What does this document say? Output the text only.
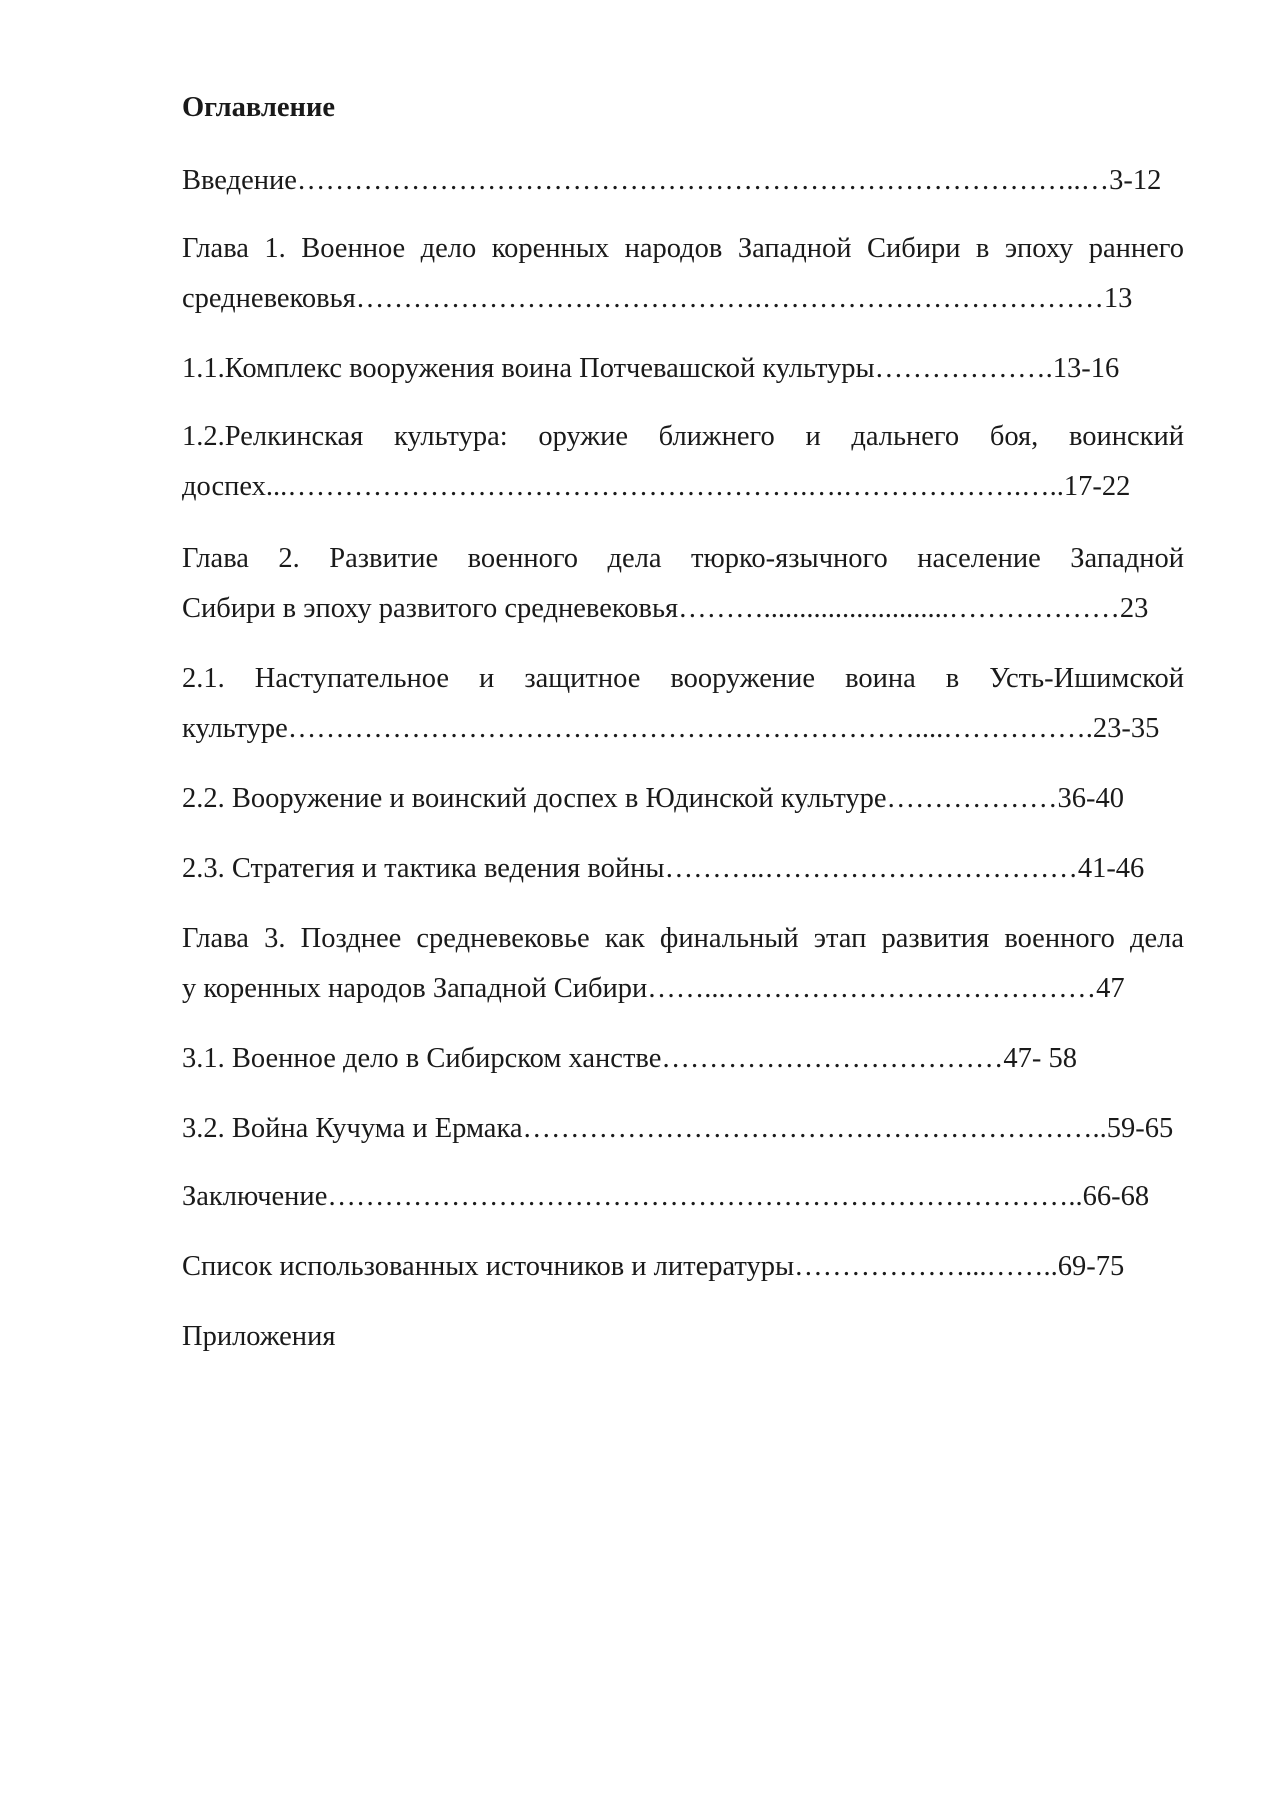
Оглавление
Введение………………………………………………………………………..…3-12
Глава 1. Военное дело коренных народов Западной Сибири в эпоху раннего
средневековья…………………………………….………………………………13
1.1.Комплекс вооружения воина Потчевашской культуры……………….13-16
1.2.Релкинская культура: оружие ближнего и дальнего боя, воинский
доспех...……………………………………………….….……………….…..17-22
Глава 2. Развитие военного дела тюрко-язычного население Западной
Сибири в эпоху развитого средневековья………..........................………………23
2.1. Наступательное и защитное вооружение воина в Усть-Ишимской
культуре…………………………………………………………....…………….23-35
2.2. Вооружение и воинский доспех в Юдинской культуре………………36-40
2.3. Стратегия и тактика ведения войны………..……………………………41-46
Глава 3. Позднее средневековье как финальный этап развития военного дела
у коренных народов Западной Сибири……...…………………………………47
3.1. Военное дело в Сибирском ханстве………………………………47- 58
3.2. Война Кучума и Ермака……………………………………………………..59-65
Заключение……………………………………………………………………..66-68
Список использованных источников и литературы………………...……..69-75
Приложения
